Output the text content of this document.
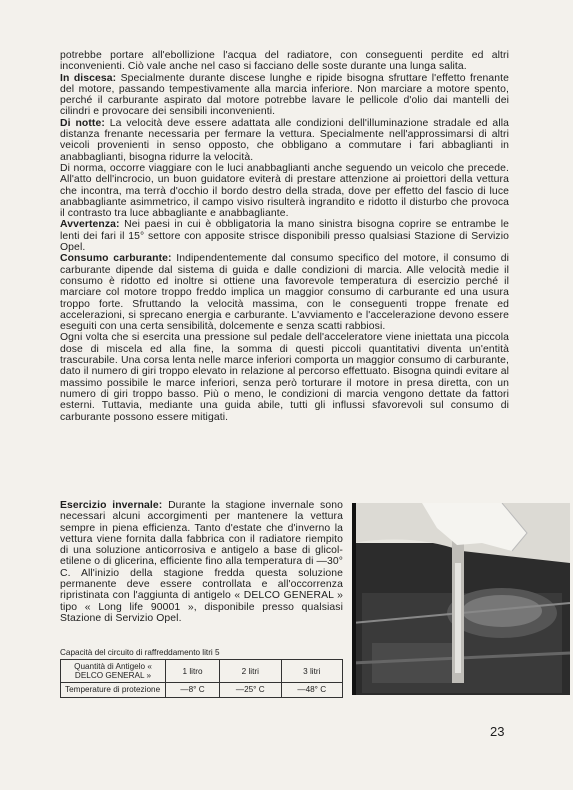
potrebbe portare all'ebollizione l'acqua del radiatore, con conseguenti perdite ed altri inconvenienti. Ciò vale anche nel caso si facciano delle soste durante una lunga salita.

In discesa: Specialmente durante discese lunghe e ripide bisogna sfruttare l'effetto frenante del motore, passando tempestivamente alla marcia inferiore. Non marciare a motore spento, perché il carburante aspirato dal motore potrebbe lavare le pellicole d'olio dai mantelli dei cilindri e provocare dei sensibili inconvenienti.

Di notte: La velocità deve essere adattata alle condizioni dell'illuminazione stradale ed alla distanza frenante necessaria per fermare la vettura. Specialmente nell'approssimarsi di altri veicoli provenienti in senso opposto, che obbligano a commutare i fari abbaglianti in anabbaglianti, bisogna ridurre la velocità.

Di norma, occorre viaggiare con le luci anabbaglianti anche seguendo un veicolo che precede. All'atto dell'incrocio, un buon guidatore eviterà di prestare attenzione ai proiettori della vettura che incontra, ma terrà d'occhio il bordo destro della strada, dove per effetto del fascio di luce anabbagliante asimmetrico, il campo visivo risulterà ingrandito e ridotto il disturbo che provoca il contrasto tra luce abbagliante e anabbagliante.

Avvertenza: Nei paesi in cui è obbligatoria la mano sinistra bisogna coprire se entrambe le lenti dei fari il 15° settore con apposite strisce disponibili presso qualsiasi Stazione di Servizio Opel.

Consumo carburante: Indipendentemente dal consumo specifico del motore, il consumo di carburante dipende dal sistema di guida e dalle condizioni di marcia. Alle velocità medie il consumo è ridotto ed inoltre si ottiene una favorevole temperatura di esercizio perché il marciare col motore troppo freddo implica un maggior consumo di carburante ed una usura troppo forte. Sfruttando la velocità massima, con le conseguenti troppe frenate ed accelerazioni, si sprecano energia e carburante. L'avviamento e l'accelerazione devono essere eseguiti con una certa sensibilità, dolcemente e senza scatti rabbiosi.

Ogni volta che si esercita una pressione sul pedale dell'acceleratore viene iniettata una piccola dose di miscela ed alla fine, la somma di questi piccoli quantitativi diventa un'entità trascurabile. Una corsa lenta nelle marce inferiori comporta un maggior consumo di carburante, dato il numero di giri troppo elevato in relazione al percorso effettuato. Bisogna quindi evitare al massimo possibile le marce inferiori, senza però torturare il motore in presa diretta, con un numero di giri troppo basso. Più o meno, le condizioni di marcia vengono dettate da fattori esterni. Tuttavia, mediante una guida abile, tutti gli influssi sfavorevoli sul consumo di carburante possono essere mitigati.

Esercizio invernale: Durante la stagione invernale sono necessari alcuni accorgimenti per mantenere la vettura sempre in piena efficienza. Tanto d'estate che d'inverno la vettura viene fornita dalla fabbrica con il radiatore riempito di una soluzione anticorrosiva e antigelo a base di glicol-etilene o di glicerina, efficiente fino alla temperatura di —30° C. All'inizio della stagione fredda questa soluzione permanente deve essere controllata e all'occorrenza ripristinata con l'aggiunta di antigelo « DELCO GENERAL » tipo « Long life 90001 », disponibile presso qualsiasi Stazione di Servizio Opel.

Capacità del circuito di raffreddamento litri 5
Quantità di Antigelo « DELCO GENERAL »	1 litro	2 litri	3 litri
Temperature di protezione	—8° C	—25° C	—48° C
23
